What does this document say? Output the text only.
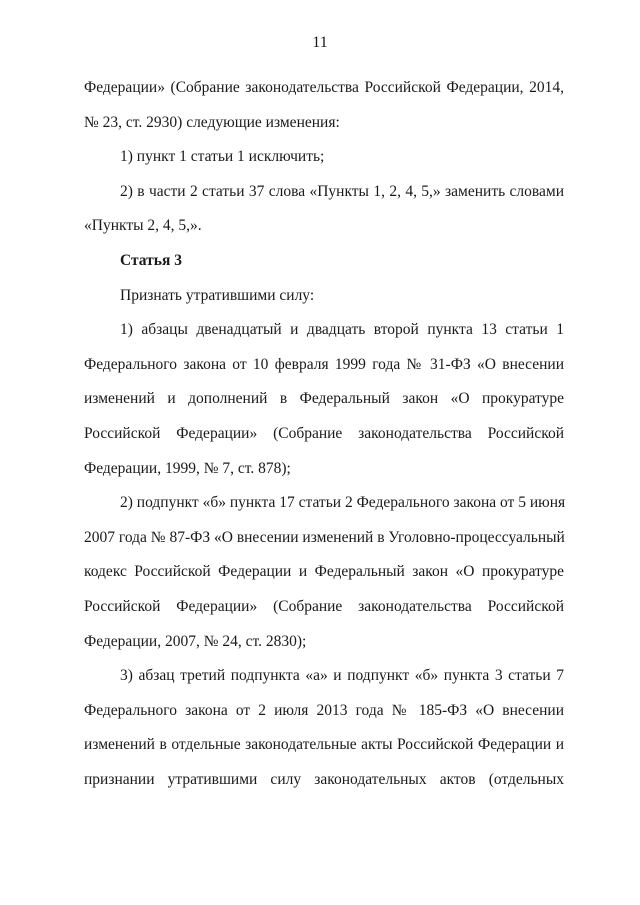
11
Федерации» (Собрание законодательства Российской Федерации, 2014,
№ 23, ст. 2930) следующие изменения:
1) пункт 1 статьи 1 исключить;
2) в части 2 статьи 37 слова «Пункты 1, 2, 4, 5,» заменить словами
«Пункты 2, 4, 5,».
Статья 3
Признать утратившими силу:
1) абзацы двенадцатый и двадцать второй пункта 13 статьи 1
Федерального закона от 10 февраля 1999 года № 31-ФЗ «О внесении
изменений и дополнений в Федеральный закон «О прокуратуре
Российской Федерации» (Собрание законодательства Российской
Федерации, 1999, № 7, ст. 878);
2) подпункт «б» пункта 17 статьи 2 Федерального закона от 5 июня
2007 года № 87-ФЗ «О внесении изменений в Уголовно-процессуальный
кодекс Российской Федерации и Федеральный закон «О прокуратуре
Российской Федерации» (Собрание законодательства Российской
Федерации, 2007, № 24, ст. 2830);
3) абзац третий подпункта «а» и подпункт «б» пункта 3 статьи 7
Федерального закона от 2 июля 2013 года № 185-ФЗ «О внесении
изменений в отдельные законодательные акты Российской Федерации и
признании утратившими силу законодательных актов (отдельных
